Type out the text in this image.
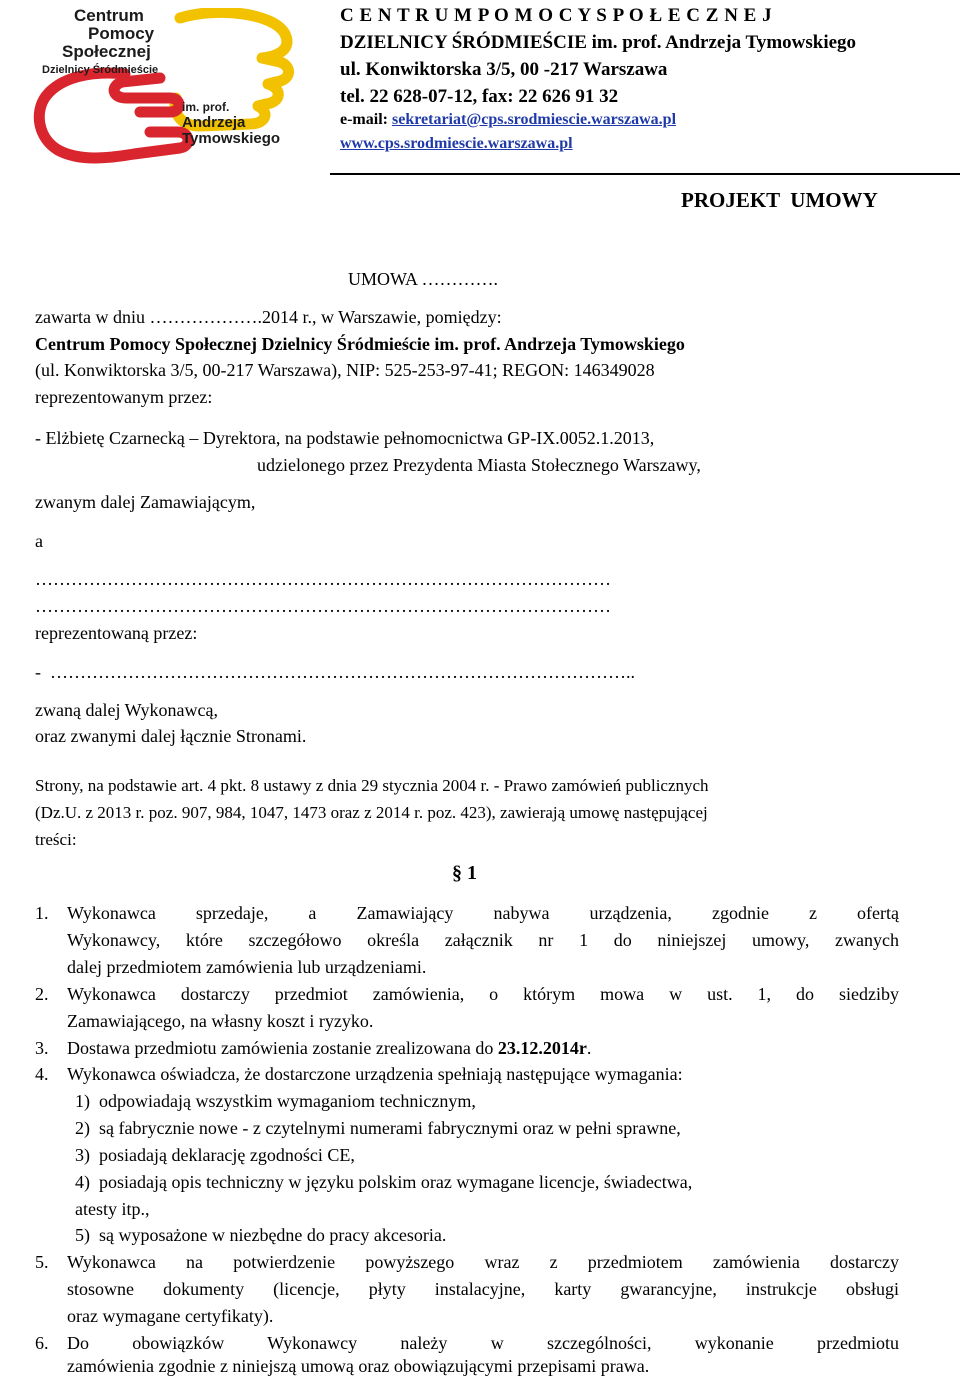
Centrum
Pomocy
Społecznej
Dzielnicy Śródmieście
im. prof.
Andrzeja
Tymowskiego
C E N T R U M P O M O C Y S P O Ł E C Z N E J
DZIELNICY ŚRÓDMIEŚCIE im. prof. Andrzeja Tymowskiego
ul. Konwiktorska 3/5, 00 -217 Warszawa
tel. 22 628-07-12, fax: 22 626 91 32
e-mail: sekretariat@cps.srodmiescie.warszawa.pl
www.cps.srodmiescie.warszawa.pl
PROJEKT  UMOWY
UMOWA ………….
zawarta w dniu ……………….2014 r., w Warszawie, pomiędzy:
Centrum Pomocy Społecznej Dzielnicy Śródmieście im. prof. Andrzeja Tymowskiego
(ul. Konwiktorska 3/5, 00-217 Warszawa), NIP: 525-253-97-41; REGON: 146349028
reprezentowanym przez:
- Elżbietę Czarnecką – Dyrektora, na podstawie pełnomocnictwa GP-IX.0052.1.2013,
udzielonego przez Prezydenta Miasta Stołecznego Warszawy,
zwanym dalej Zamawiającym,
a
……………………………………………………………………………………
……………………………………………………………………………………
reprezentowaną przez:
-  ……………………………………………………………………………………..
zwaną dalej Wykonawcą,
oraz zwanymi dalej łącznie Stronami.
Strony, na podstawie art. 4 pkt. 8 ustawy z dnia 29 stycznia 2004 r. - Prawo zamówień publicznych
(Dz.U. z 2013 r. poz. 907, 984, 1047, 1473 oraz z 2014 r. poz. 423), zawierają umowę następującej
treści:
§ 1
1. Wykonawca sprzedaje, a Zamawiający nabywa urządzenia, zgodnie z ofertą
Wykonawcy, które szczegółowo określa załącznik nr 1 do niniejszej umowy, zwanych
dalej przedmiotem zamówienia lub urządzeniami.
2. Wykonawca dostarczy przedmiot zamówienia, o którym mowa w ust. 1, do siedziby
Zamawiającego, na własny koszt i ryzyko.
3. Dostawa przedmiotu zamówienia zostanie zrealizowana do 23.12.2014r.
4. Wykonawca oświadcza, że dostarczone urządzenia spełniają następujące wymagania:
1)  odpowiadają wszystkim wymaganiom technicznym,
2)  są fabrycznie nowe - z czytelnymi numerami fabrycznymi oraz w pełni sprawne,
3)  posiadają deklarację zgodności CE,
4)  posiadają opis techniczny w języku polskim oraz wymagane licencje, świadectwa,
atesty itp.,
5)  są wyposażone w niezbędne do pracy akcesoria.
5. Wykonawca na potwierdzenie powyższego wraz z przedmiotem zamówienia dostarczy
stosowne dokumenty (licencje, płyty instalacyjne, karty gwarancyjne, instrukcje obsługi
oraz wymagane certyfikaty).
6. Do obowiązków Wykonawcy należy w szczególności, wykonanie przedmiotu
zamówienia zgodnie z niniejszą umową oraz obowiązującymi przepisami prawa.
